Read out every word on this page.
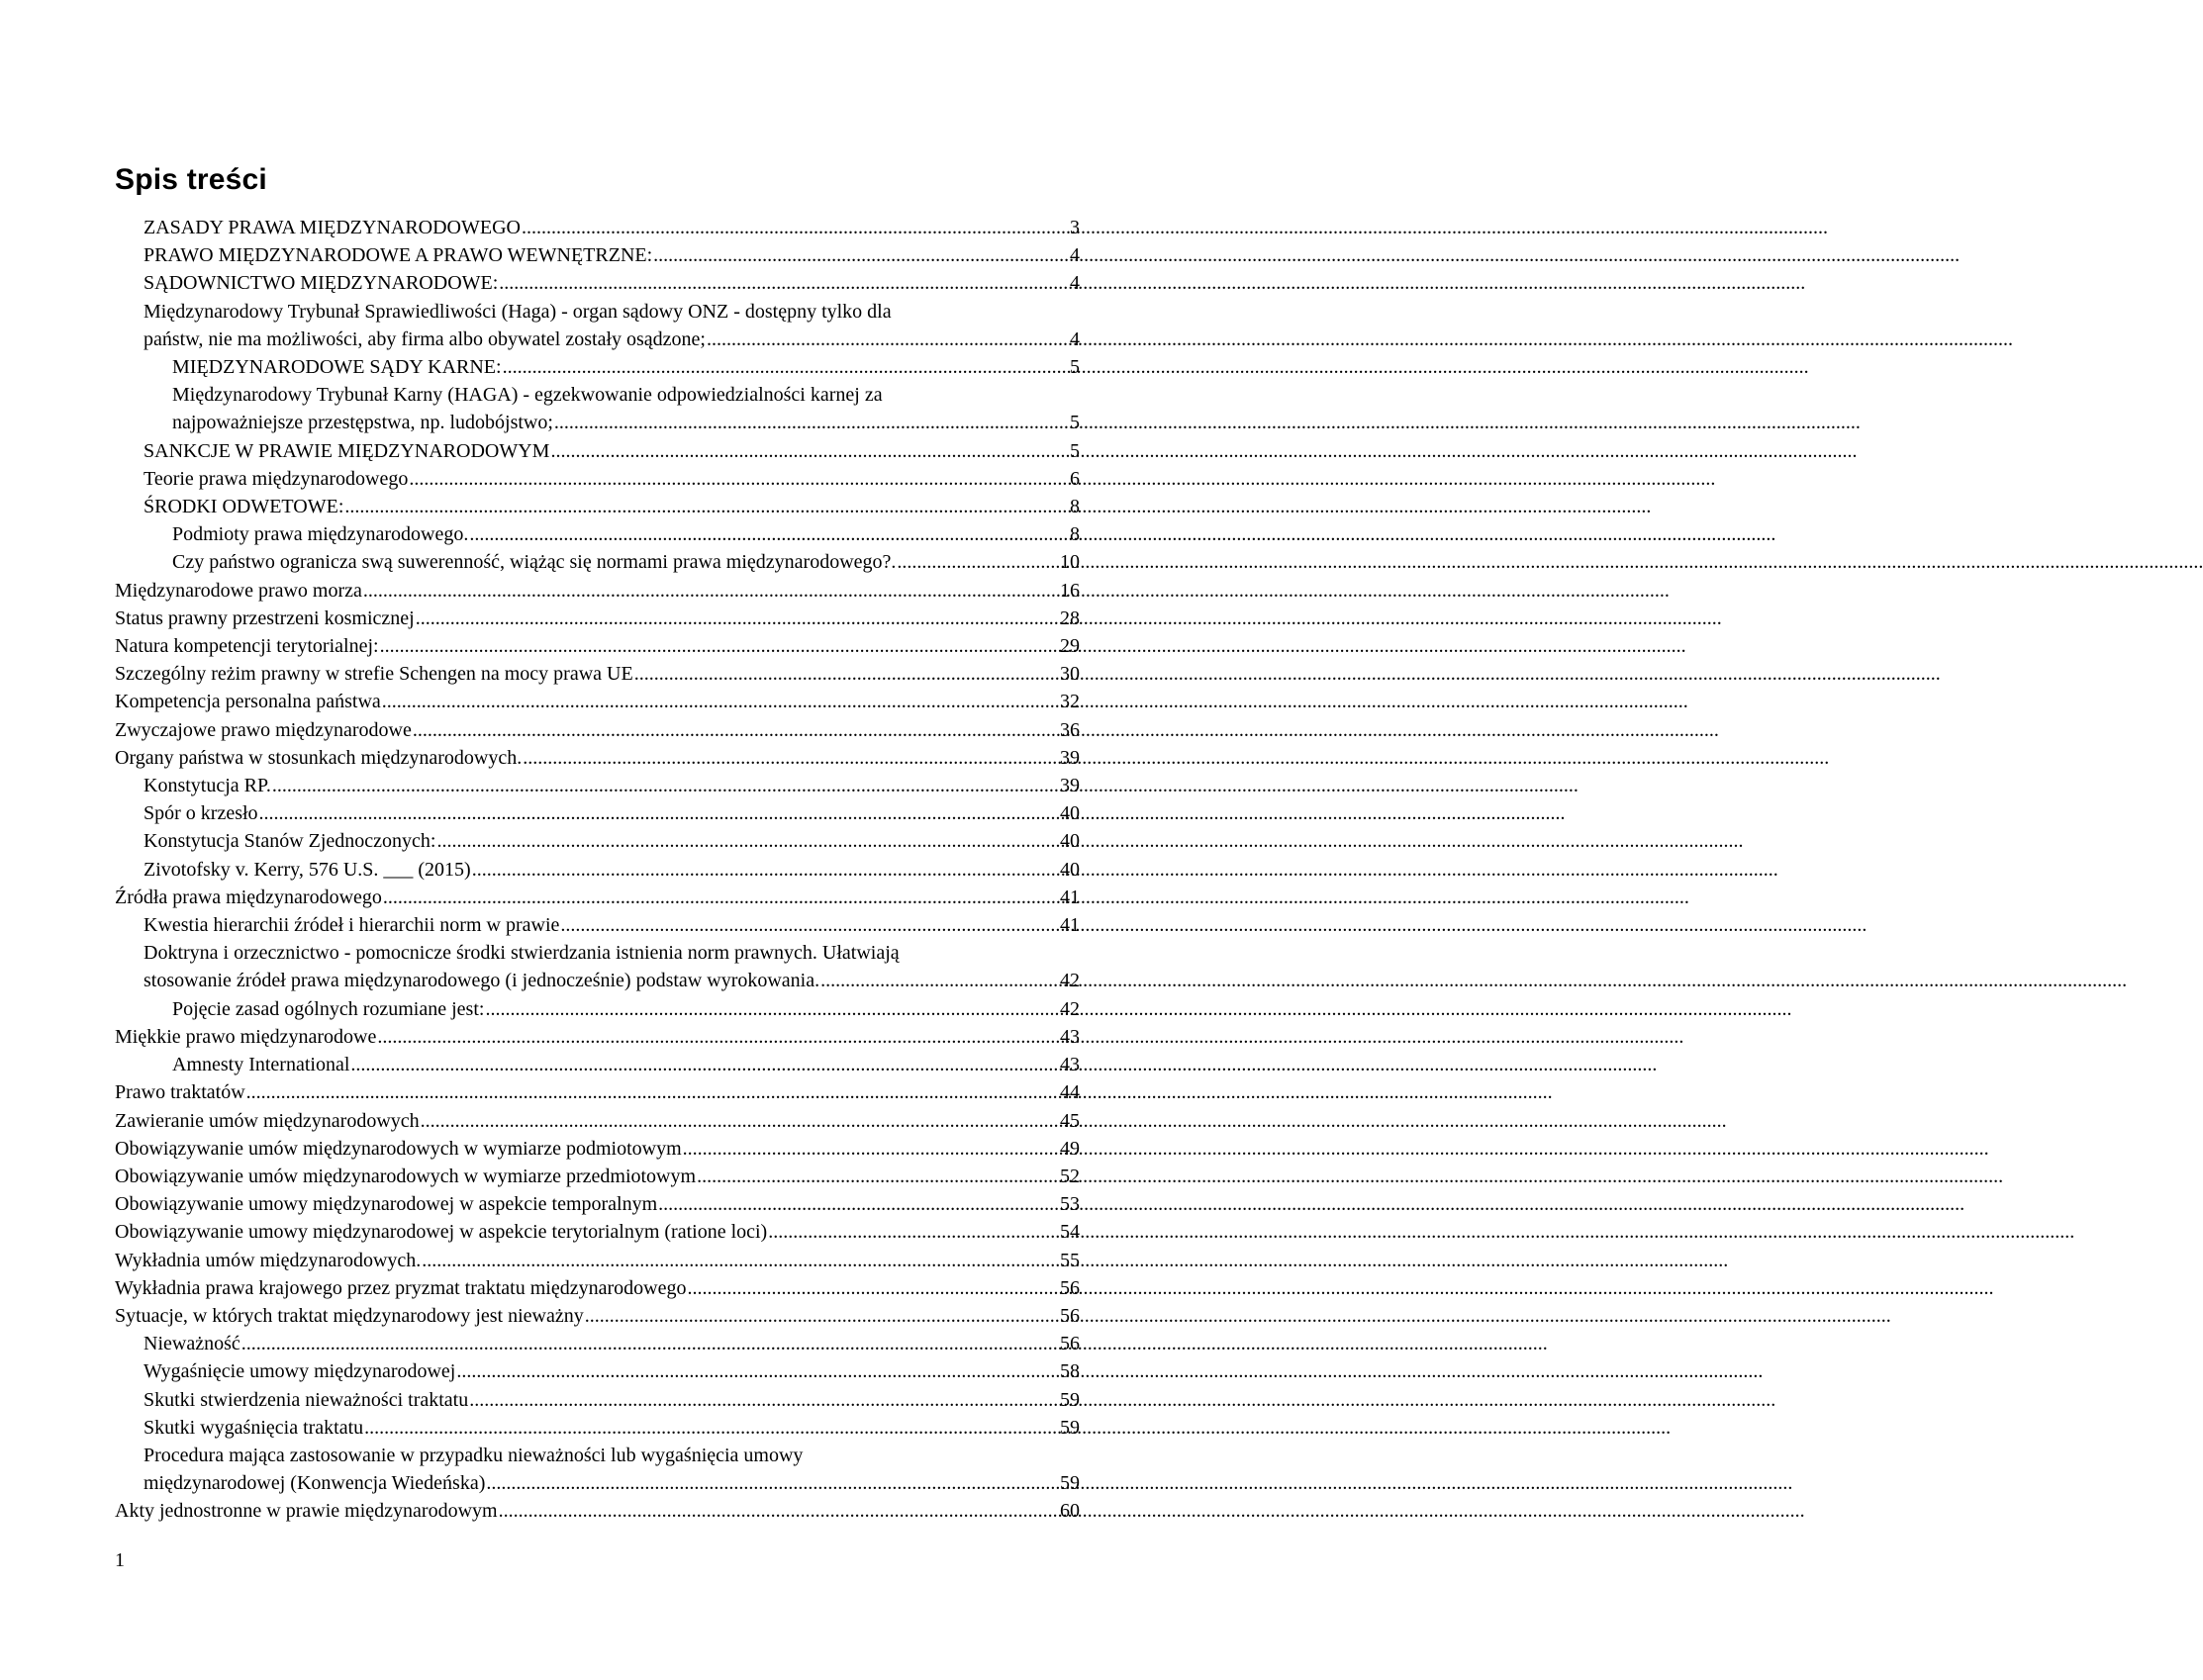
Spis treści
ZASADY PRAWA MIĘDZYNARODOWEGO .....	3
PRAWO MIĘDZYNARODOWE A PRAWO WEWNĘTRZNE: .....	4
SĄDOWNICTWO MIĘDZYNARODOWE: .....	4
Międzynarodowy Trybunał Sprawiedliwości (Haga) - organ sądowy ONZ - dostępny tylko dla
państw, nie ma możliwości, aby firma albo obywatel zostały osądzone; .....	4
MIĘDZYNARODOWE SĄDY KARNE: .....	5
Międzynarodowy Trybunał Karny (HAGA) - egzekwowanie odpowiedzialności karnej za
najpoważniejsze przestępstwa, np. ludobójstwo; .....	5
SANKCJE W PRAWIE MIĘDZYNARODOWYM .....	5
Teorie prawa międzynarodowego .....	6
ŚRODKI ODWETOWE: .....	8
Podmioty prawa międzynarodowego. .....	8
Czy państwo ogranicza swą suwerenność, wiążąc się normami prawa międzynarodowego?. .....	10
Międzynarodowe prawo morza .....	16
Status prawny przestrzeni kosmicznej .....	28
Natura kompetencji terytorialnej: .....	29
Szczególny reżim prawny w strefie Schengen na mocy prawa UE .....	30
Kompetencja personalna państwa .....	32
Zwyczajowe prawo międzynarodowe .....	36
Organy państwa w stosunkach międzynarodowych. .....	39
Konstytucja RP. .....	39
Spór o krzesło .....	40
Konstytucja Stanów Zjednoczonych: .....	40
Zivotofsky v. Kerry, 576 U.S. ___ (2015) .....	40
Źródła prawa międzynarodowego .....	41
Kwestia hierarchii źródeł i hierarchii norm w prawie .....	41
Doktryna i orzecznictwo - pomocnicze środki stwierdzania istnienia norm prawnych. Ułatwiają
stosowanie źródeł prawa międzynarodowego (i jednocześnie) podstaw wyrokowania. .....	42
Pojęcie zasad ogólnych rozumiane jest: .....	42
Miękkie prawo międzynarodowe .....	43
Amnesty International .....	43
Prawo traktatów .....	44
Zawieranie umów międzynarodowych .....	45
Obowiązywanie umów międzynarodowych w wymiarze podmiotowym .....	49
Obowiązywanie umów międzynarodowych w wymiarze przedmiotowym .....	52
Obowiązywanie umowy międzynarodowej w aspekcie temporalnym .....	53
Obowiązywanie umowy międzynarodowej w aspekcie terytorialnym (ratione loci) .....	54
Wykładnia umów międzynarodowych. .....	55
Wykładnia prawa krajowego przez pryzmat traktatu międzynarodowego .....	56
Sytuacje, w których traktat międzynarodowy jest nieważny .....	56
Nieważność .....	56
Wygaśnięcie umowy międzynarodowej .....	58
Skutki stwierdzenia nieważności traktatu .....	59
Skutki wygaśnięcia traktatu .....	59
Procedura mająca zastosowanie w przypadku nieważności lub wygaśnięcia umowy
międzynarodowej (Konwencja Wiedeńska) .....	59
Akty jednostronne w prawie międzynarodowym .....	60
1
